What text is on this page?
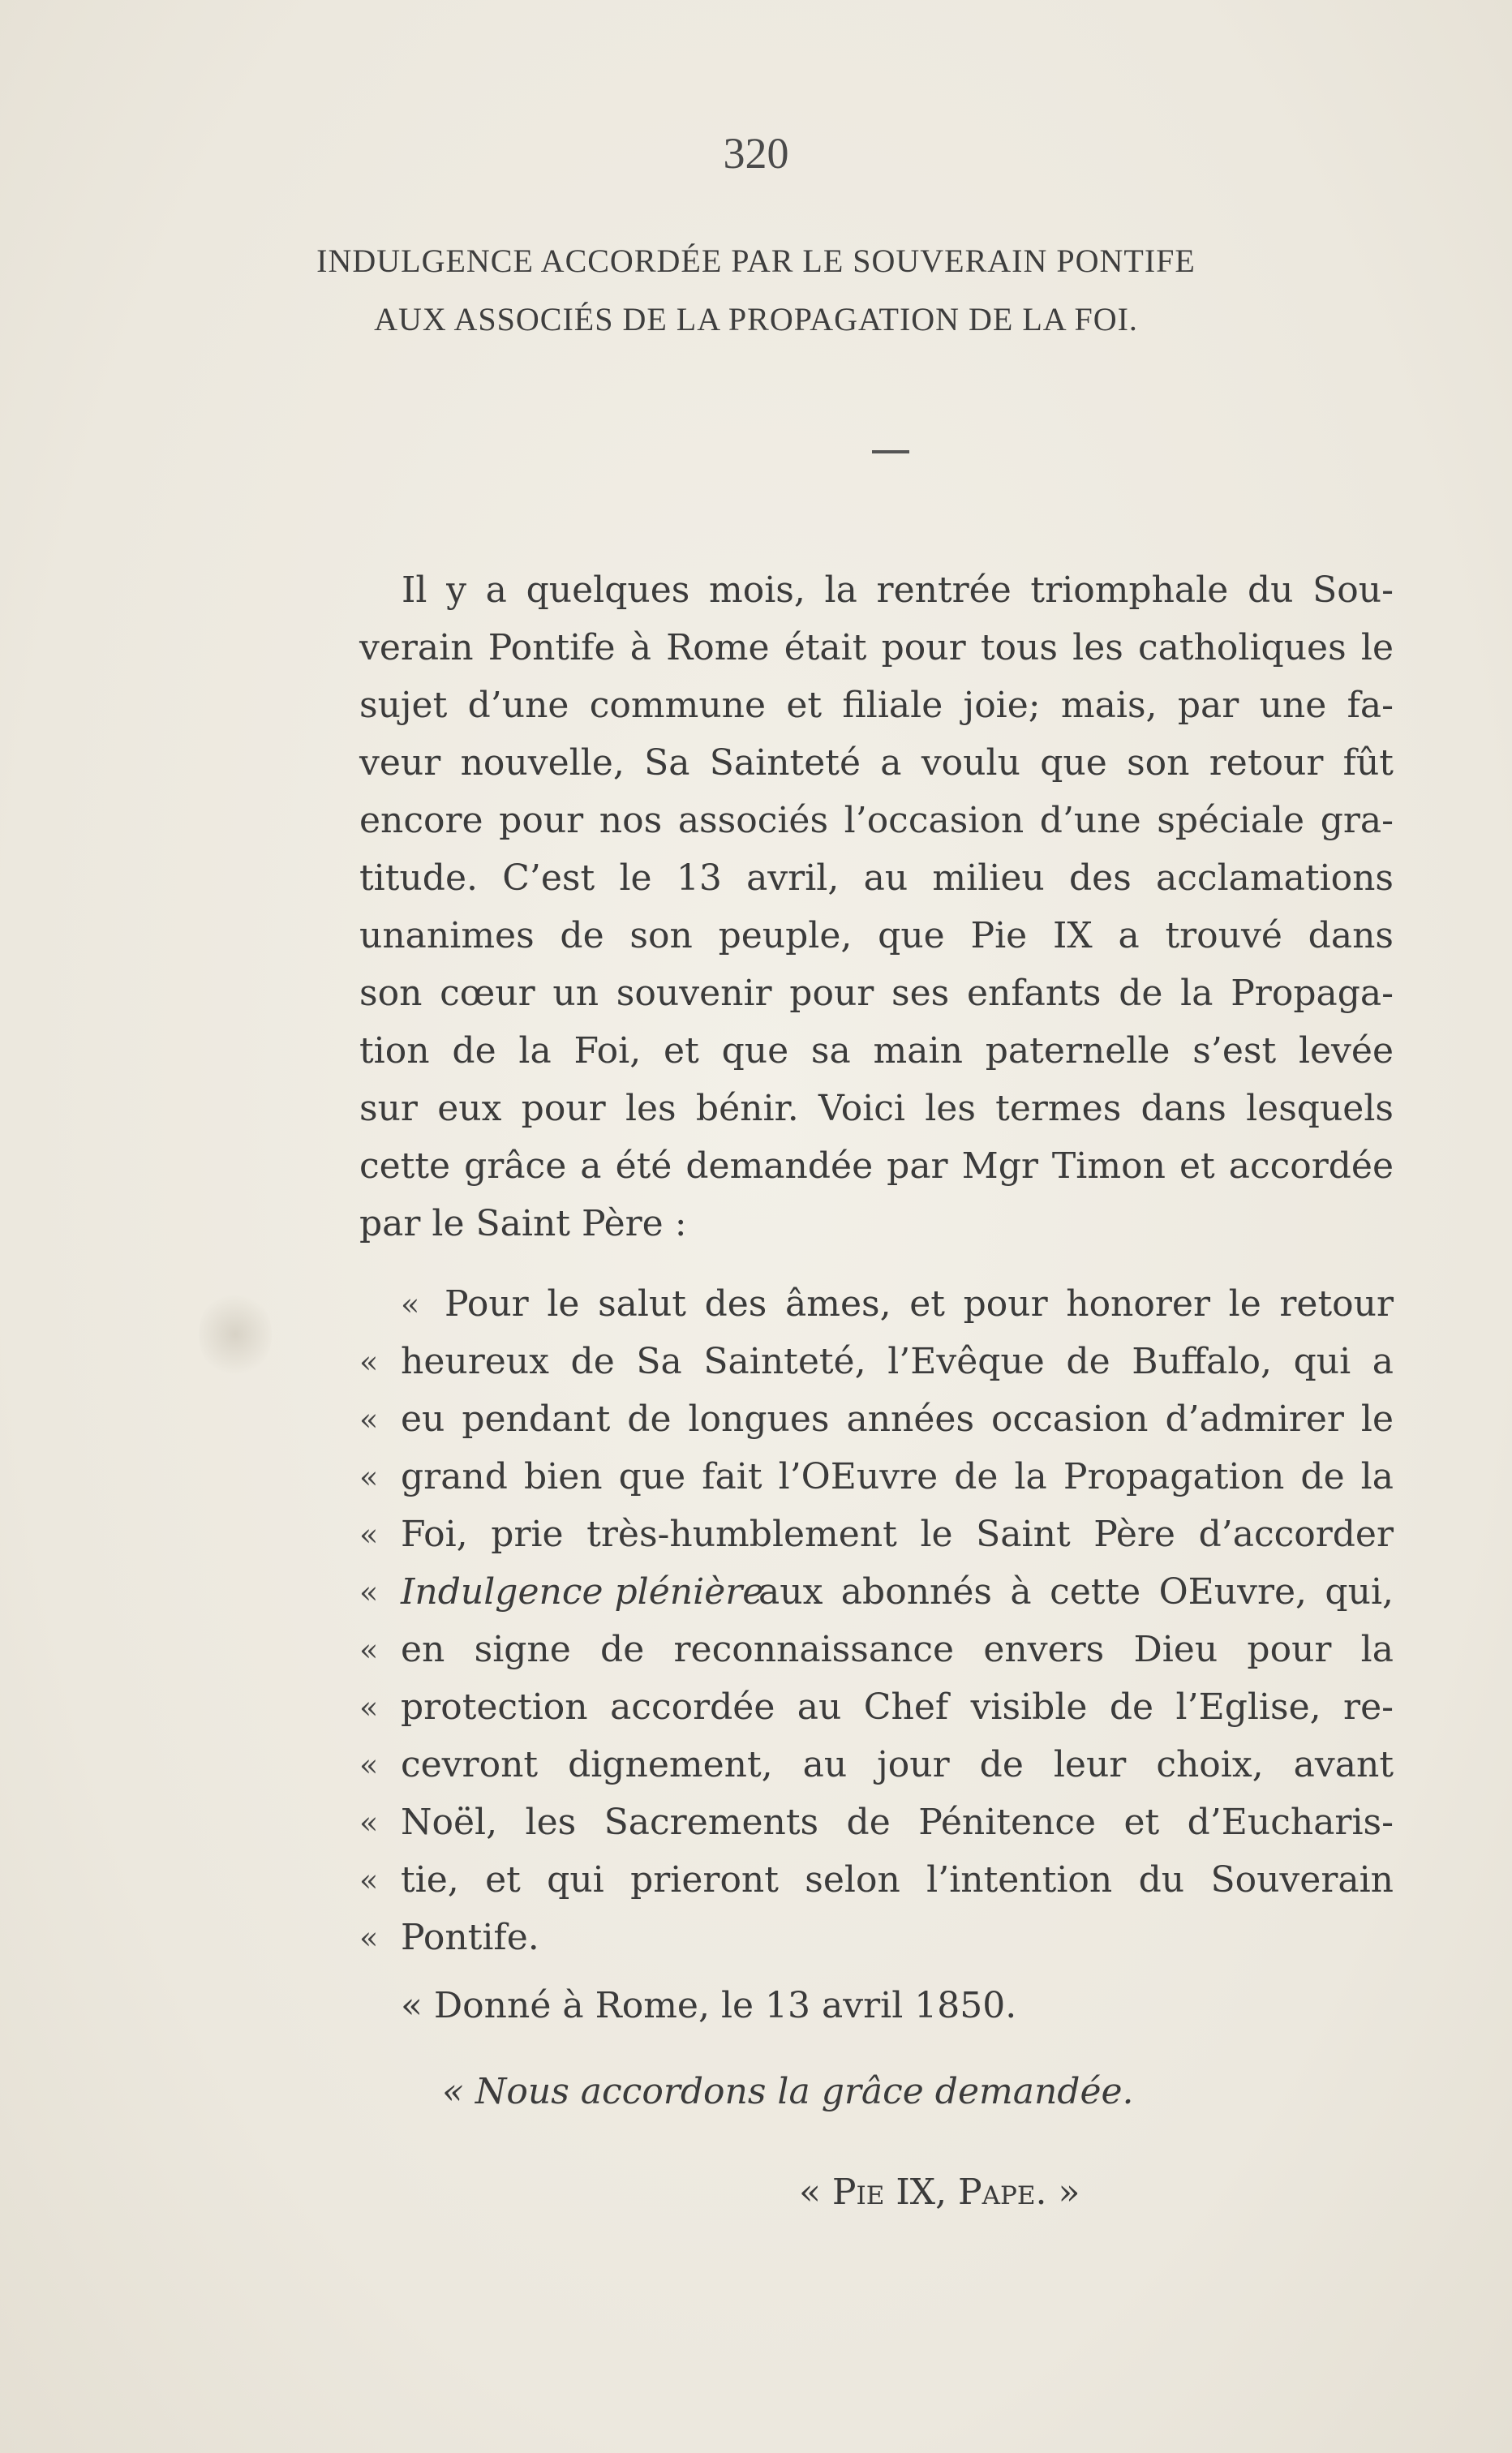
320
INDULGENCE ACCORDÉE PAR LE SOUVERAIN PONTIFE
AUX ASSOCIÉS DE LA PROPAGATION DE LA FOI.
Il y a quelques mois, la rentrée triomphale du Sou-
verain Pontife à Rome était pour tous les catholiques le
sujet d’une commune et filiale joie; mais, par une fa-
veur nouvelle, Sa Sainteté a voulu que son retour fût
encore pour nos associés l’occasion d’une spéciale gra-
titude. C’est le 13 avril, au milieu des acclamations
unanimes de son peuple, que Pie IX a trouvé dans
son cœur un souvenir pour ses enfants de la Propaga-
tion de la Foi, et que sa main paternelle s’est levée
sur eux pour les bénir. Voici les termes dans lesquels
cette grâce a été demandée par Mgr Timon et accordée
par le Saint Père :
« Pour le salut des âmes, et pour honorer le retour
« heureux de Sa Sainteté, l’Evêque de Buffalo, qui a
« eu pendant de longues années occasion d’admirer le
« grand bien que fait l’OEuvre de la Propagation de la
« Foi, prie très-humblement le Saint Père d’accorder
« Indulgence plénière
aux abonnés à cette OEuvre, qui,
« en signe de reconnaissance envers Dieu pour la
« protection accordée au Chef visible de l’Eglise, re-
« cevront dignement, au jour de leur choix, avant
« Noël, les Sacrements de Pénitence et d’Eucharis-
« tie, et qui prieront selon l’intention du Souverain
« Pontife.
« Donné à Rome, le 13 avril 1850.
« Nous accordons la grâce demandée.
« Pie IX, Pape. »
